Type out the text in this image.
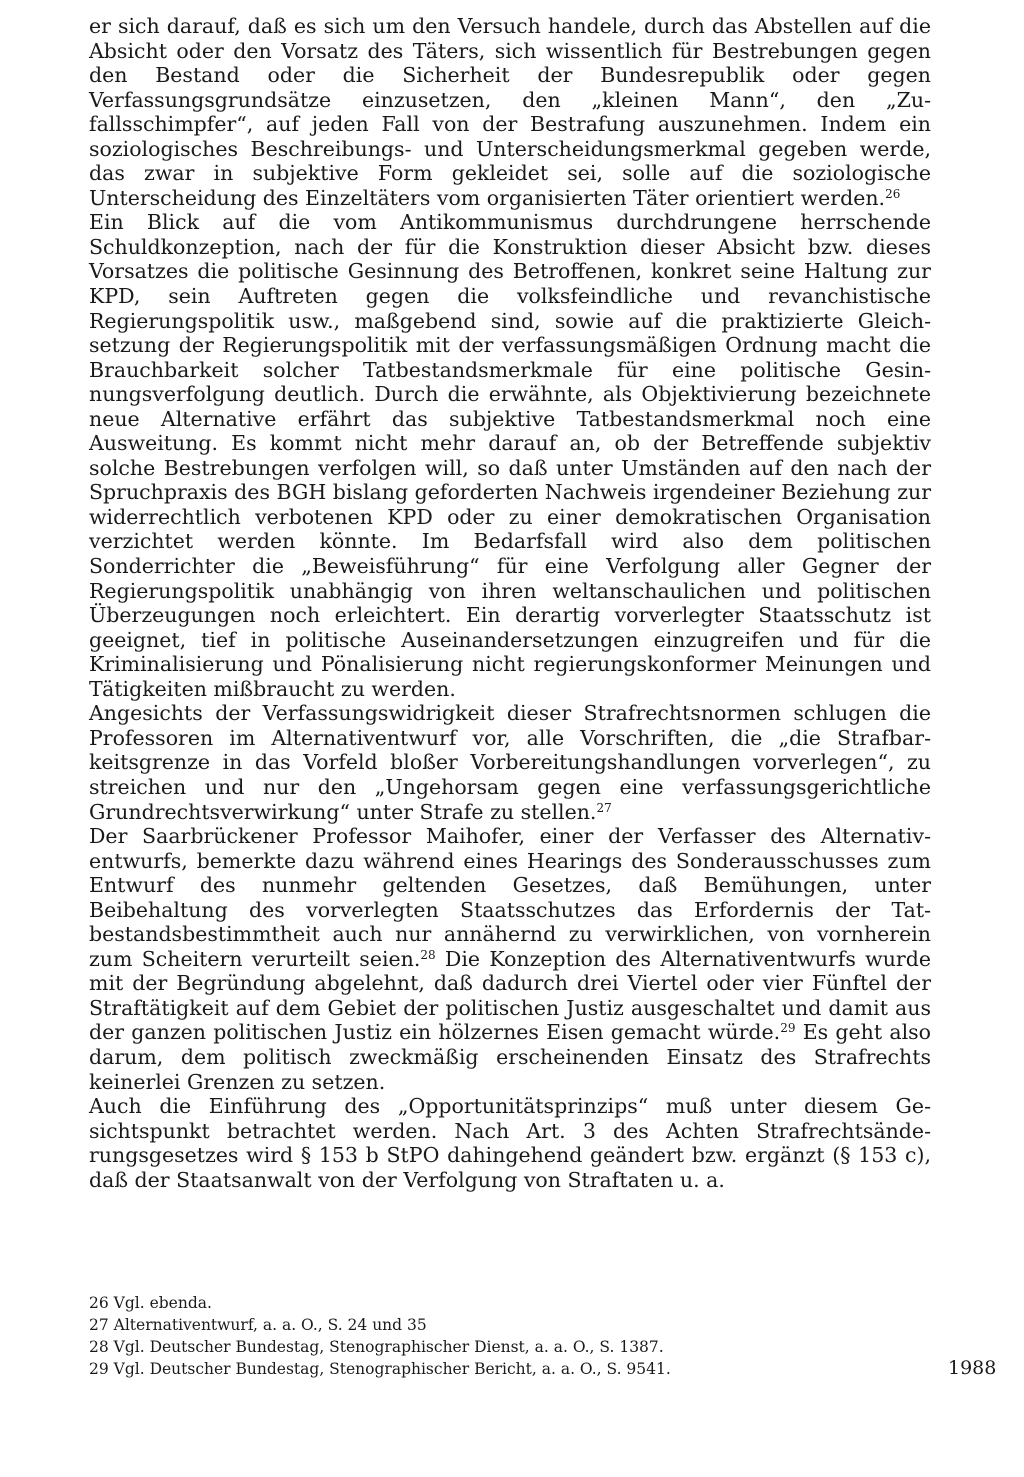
er sich darauf, daß es sich um den Versuch handele, durch das Abstellen auf die Absicht oder den Vorsatz des Täters, sich wissentlich für Bestrebungen gegen den Bestand oder die Sicherheit der Bundesrepublik oder gegen Verfassungsgrundsätze einzusetzen, den „kleinen Mann“, den „Zufallsschimpfer“, auf jeden Fall von der Bestrafung auszunehmen. Indem ein soziologisches Beschreibungs- und Unterscheidungsmerkmal gegeben werde, das zwar in subjektive Form gekleidet sei, solle auf die soziologische Unterscheidung des Einzeltäters vom organisierten Täter orientiert werden.$^{26}$

Ein Blick auf die vom Antikommunismus durchdrungene herrschende Schuldkonzeption, nach der für die Konstruktion dieser Absicht bzw. dieses Vorsatzes die politische Gesinnung des Betroffenen, konkret seine Haltung zur KPD, sein Auftreten gegen die volksfeindliche und revanchistische Regierungspolitik usw., maßgebend sind, sowie auf die praktizierte Gleichsetzung der Regierungspolitik mit der verfassungsmäßigen Ordnung macht die Brauchbarkeit solcher Tatbestandsmerkmale für eine politische Gesinnungsverfolgung deutlich. Durch die erwähnte, als Objektivierung bezeichnete neue Alternative erfährt das subjektive Tatbestandsmerkmal noch eine Ausweitung. Es kommt nicht mehr darauf an, ob der Betreffende subjektiv solche Bestrebungen verfolgen will, so daß unter Umständen auf den nach der Spruchpraxis des BGH bislang geforderten Nachweis irgendeiner Beziehung zur widerrechtlich verbotenen KPD oder zu einer demokratischen Organisation verzichtet werden könnte. Im Bedarfsfall wird also dem politischen Sonderrichter die „Beweisführung“ für eine Verfolgung aller Gegner der Regierungspolitik unabhängig von ihren weltanschaulichen und politischen Überzeugungen noch erleichtert. Ein derartig vorverlegter Staatsschutz ist geeignet, tief in politische Auseinandersetzungen einzugreifen und für die Kriminalisierung und Pönalisierung nicht regierungskonformer Meinungen und Tätigkeiten mißbraucht zu werden.

Angesichts der Verfassungswidrigkeit dieser Strafrechtsnormen schlugen die Professoren im Alternativentwurf vor, alle Vorschriften, die „die Strafbarkeitsgrenze in das Vorfeld bloßer Vorbereitungshandlungen vorverlegen“, zu streichen und nur den „Ungehorsam gegen eine verfassungsgerichtliche Grundrechtsverwirkung“ unter Strafe zu stellen.$^{27}$

Der Saarbrückener Professor Maihofer, einer der Verfasser des Alternativentwurfs, bemerkte dazu während eines Hearings des Sonderausschusses zum Entwurf des nunmehr geltenden Gesetzes, daß Bemühungen, unter Beibehaltung des vorverlegten Staatsschutzes das Erfordernis der Tatbestandsbestimmtheit auch nur annähernd zu verwirklichen, von vornherein zum Scheitern verurteilt seien.$^{28}$ Die Konzeption des Alternativentwurfs wurde mit der Begründung abgelehnt, daß dadurch drei Viertel oder vier Fünftel der Straftätigkeit auf dem Gebiet der politischen Justiz ausgeschaltet und damit aus der ganzen politischen Justiz ein hölzernes Eisen gemacht würde.$^{29}$ Es geht also darum, dem politisch zweckmäßig erscheinenden Einsatz des Strafrechts keinerlei Grenzen zu setzen.

Auch die Einführung des „Opportunitätsprinzips“ muß unter diesem Gesichtspunkt betrachtet werden. Nach Art. 3 des Achten Strafrechtsänderungsgesetzes wird § 153 b StPO dahingehend geändert bzw. ergänzt (§ 153 c), daß der Staatsanwalt von der Verfolgung von Straftaten u. a.

26 Vgl. ebenda.

27 Alternativentwurf, a. a. O., S. 24 und 35

28 Vgl. Deutscher Bundestag, Stenographischer Dienst, a. a. O., S. 1387.

29 Vgl. Deutscher Bundestag, Stenographischer Bericht, a. a. O., S. 9541.	1988
